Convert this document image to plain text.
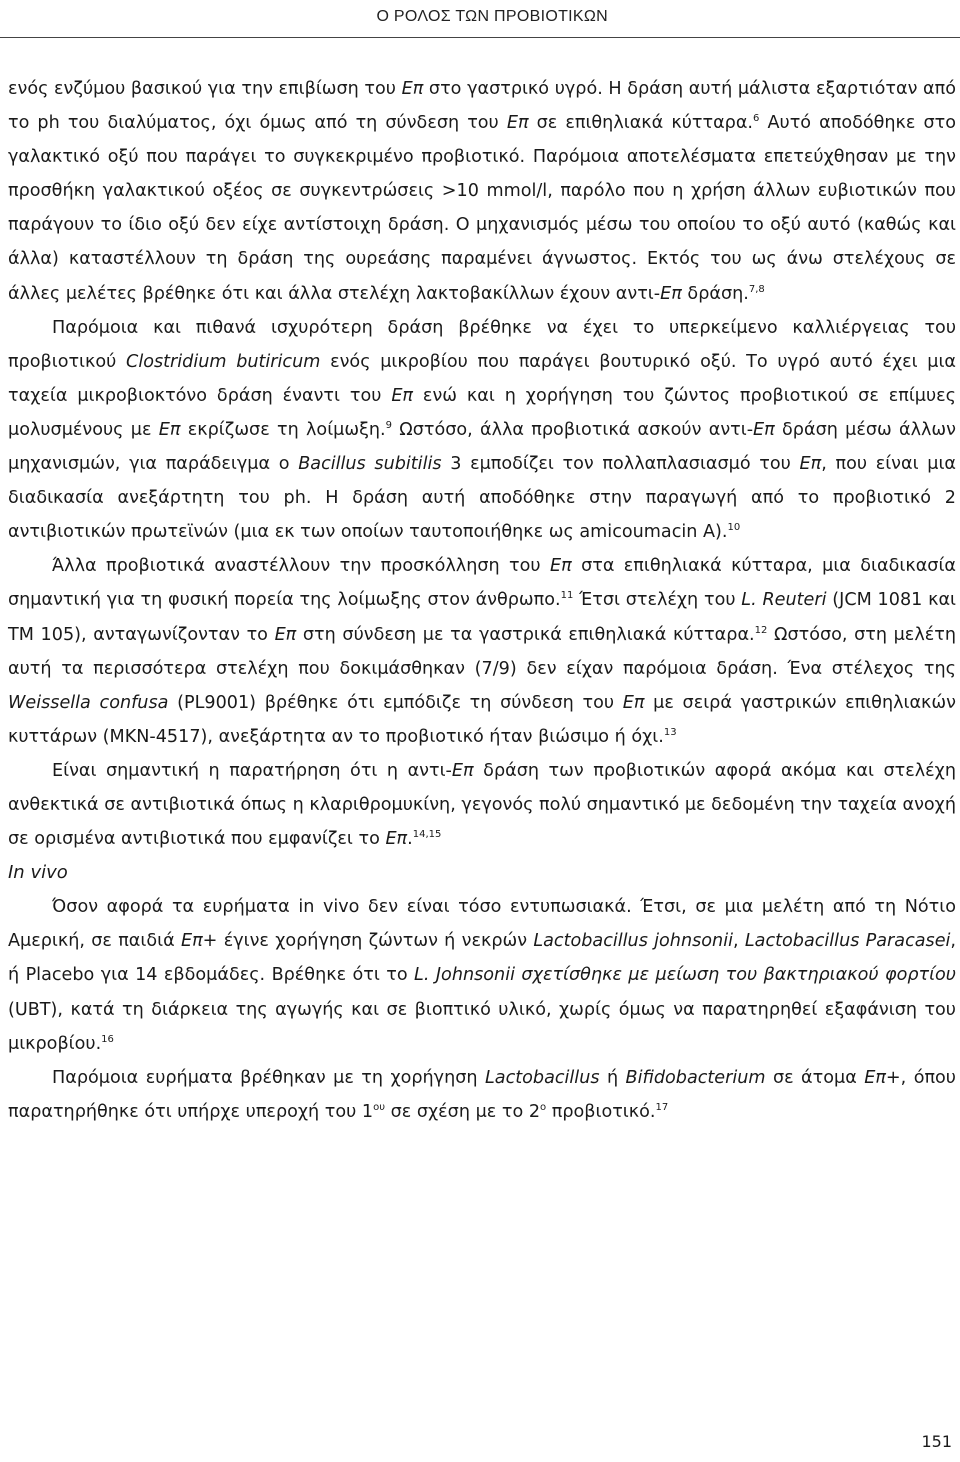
Ο ΡΟΛΟΣ ΤΩΝ ΠΡΟΒΙΟΤΙΚΩΝ

ενός ενζύμου βασικού για την επιβίωση του Επ στο γαστρικό υγρό. Η δράση αυτή μάλιστα εξαρτιόταν από το ph του διαλύματος, όχι όμως από τη σύνδεση του Επ σε επιθηλιακά κύτταρα.$^6$ Αυτό αποδόθηκε στο γαλακτικό οξύ που παράγει το συγκεκριμένο προβιοτικό. Παρόμοια αποτελέσματα επετεύχθησαν με την προσθήκη γαλακτικού οξέος σε συγκεντρώσεις >10 mmol/l, παρόλο που η χρήση άλλων ευβιοτικών που παράγουν το ίδιο οξύ δεν είχε αντίστοιχη δράση. Ο μηχανισμός μέσω του οποίου το οξύ αυτό (καθώς και άλλα) καταστέλλουν τη δράση της ουρεάσης παραμένει άγνωστος. Εκτός του ως άνω στελέχους σε άλλες μελέτες βρέθηκε ότι και άλλα στελέχη λακτοβακίλλων έχουν αντι-Επ δράση.$^{7,8}$

Παρόμοια και πιθανά ισχυρότερη δράση βρέθηκε να έχει το υπερκείμενο καλλιέργειας του προβιοτικού Clostridium butiricum ενός μικροβίου που παράγει βουτυρικό οξύ. Το υγρό αυτό έχει μια ταχεία μικροβιοκτόνο δράση έναντι του Επ ενώ και η χορήγηση του ζώντος προβιοτικού σε επίμυες μολυσμένους με Επ εκρίζωσε τη λοίμωξη.$^9$ Ωστόσο, άλλα προβιοτικά ασκούν αντι-Επ δράση μέσω άλλων μηχανισμών, για παράδειγμα ο Bacillus subitilis 3 εμποδίζει τον πολλαπλασιασμό του Επ, που είναι μια διαδικασία ανεξάρτητη του ph. Η δράση αυτή αποδόθηκε στην παραγωγή από το προβιοτικό 2 αντιβιοτικών πρωτεϊνών (μια εκ των οποίων ταυτοποιήθηκε ως amicoumacin A).$^{10}$

Άλλα προβιοτικά αναστέλλουν την προσκόλληση του Επ στα επιθηλιακά κύτταρα, μια διαδικασία σημαντική για τη φυσική πορεία της λοίμωξης στον άνθρωπο.$^{11}$ Έτσι στελέχη του L. Reuteri (JCM 1081 και TM 105), ανταγωνίζονταν το Επ στη σύνδεση με τα γαστρικά επιθηλιακά κύτταρα.$^{12}$ Ωστόσο, στη μελέτη αυτή τα περισσότερα στελέχη που δοκιμάσθηκαν (7/9) δεν είχαν παρόμοια δράση. Ένα στέλεχος της Weissella confusa (PL9001) βρέθηκε ότι εμπόδιζε τη σύνδεση του Επ με σειρά γαστρικών επιθηλιακών κυττάρων (MKN-4517), ανεξάρτητα αν το προβιοτικό ήταν βιώσιμο ή όχι.$^{13}$

Είναι σημαντική η παρατήρηση ότι η αντι-Επ δράση των προβιοτικών αφορά ακόμα και στελέχη ανθεκτικά σε αντιβιοτικά όπως η κλαριθρομυκίνη, γεγονός πολύ σημαντικό με δεδομένη την ταχεία ανοχή σε ορισμένα αντιβιοτικά που εμφανίζει το Επ.$^{14,15}$

In vivo

Όσον αφορά τα ευρήματα in vivo δεν είναι τόσο εντυπωσιακά. Έτσι, σε μια μελέτη από τη Νότιο Αμερική, σε παιδιά Επ+ έγινε χορήγηση ζώντων ή νεκρών Lactobacillus johnsonii, Lactobacillus Paracasei, ή Placebo για 14 εβδομάδες. Βρέθηκε ότι το L. Johnsonii σχετίσθηκε με μείωση του βακτηριακού φορτίου (UBT), κατά τη διάρκεια της αγωγής και σε βιοπτικό υλικό, χωρίς όμως να παρατηρηθεί εξαφάνιση του μικροβίου.$^{16}$

Παρόμοια ευρήματα βρέθηκαν με τη χορήγηση Lactobacillus ή Bifidobacterium σε άτομα Επ+, όπου παρατηρήθηκε ότι υπήρχε υπεροχή του $1^{o\upsilon}$ σε σχέση με το $2^o$ προβιοτικό.$^{17}$

151
